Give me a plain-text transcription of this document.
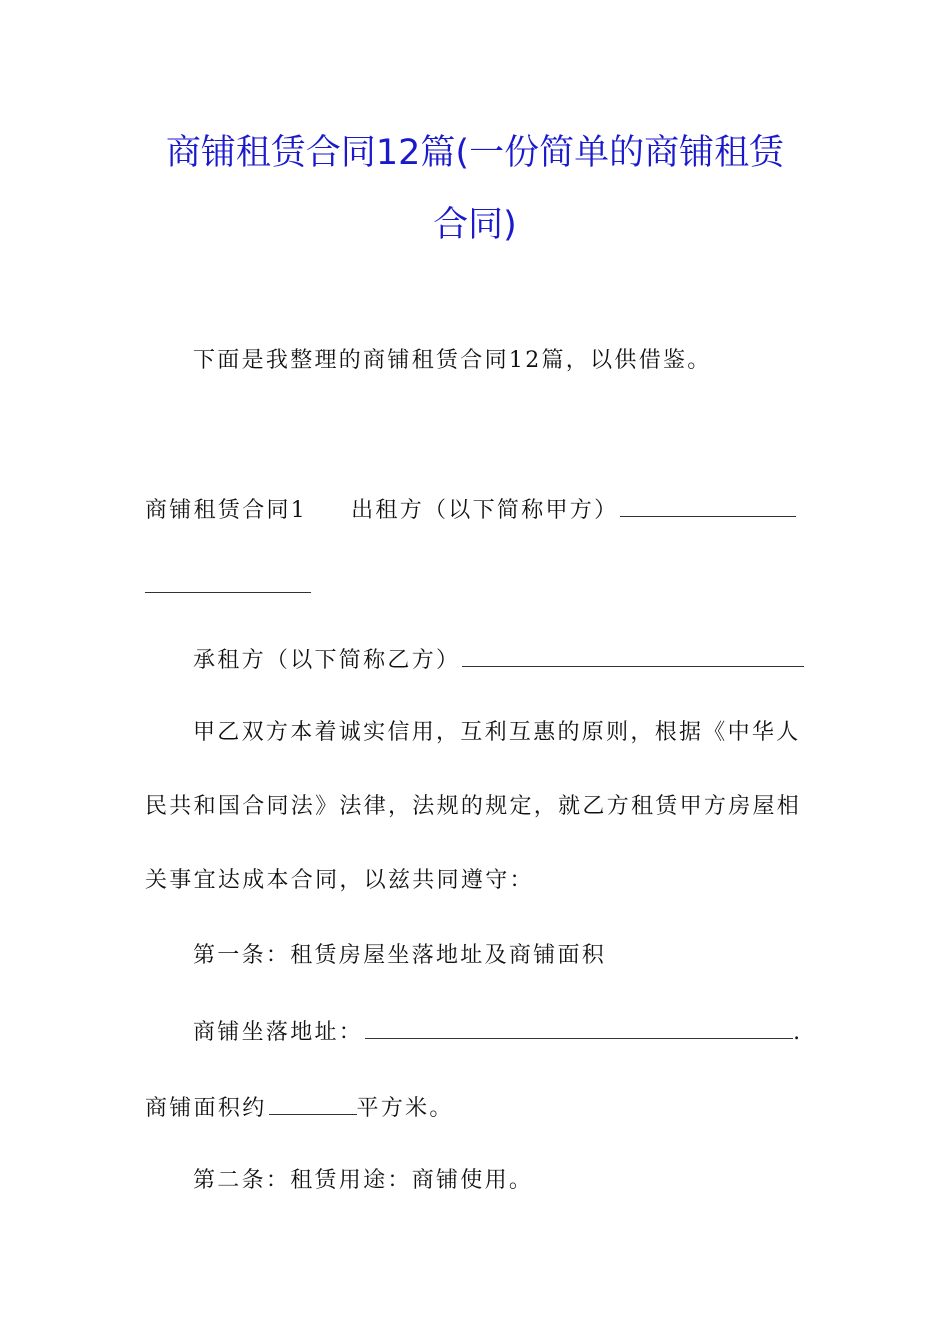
商铺租赁合同12篇(一份简单的商铺租赁
合同)
下面是我整理的商铺租赁合同12篇，以供借鉴。
商铺租赁合同1 出租方（以下简称甲方）
承租方（以下简称乙方）
甲乙双方本着诚实信用，互利互惠的原则，根据《中华人
民共和国合同法》法律，法规的规定，就乙方租赁甲方房屋相
关事宜达成本合同，以兹共同遵守：
第一条：租赁房屋坐落地址及商铺面积
商铺坐落地址：	.
商铺面积约	平方米。
第二条：租赁用途：商铺使用。
